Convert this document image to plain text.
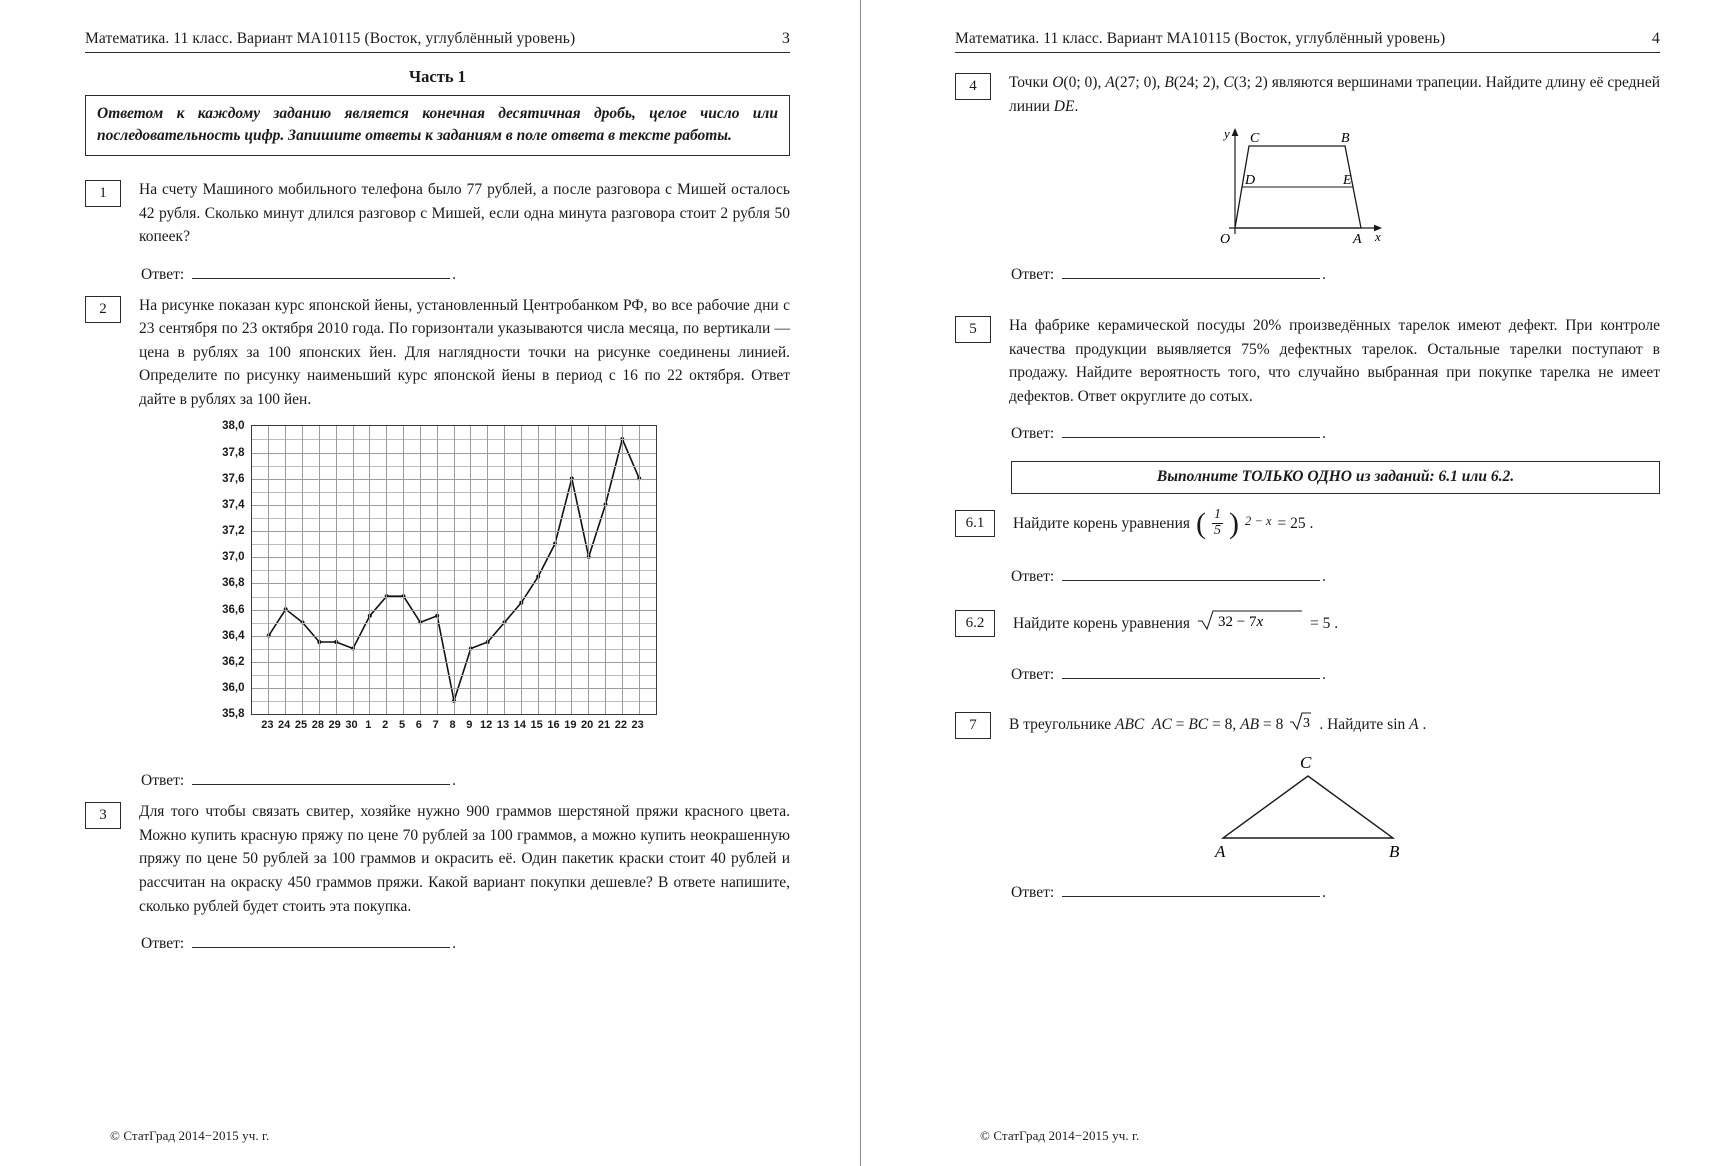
Математика. 11 класс. Вариант МА10115 (Восток, углублённый уровень)	3
Часть 1
Ответом к каждому заданию является конечная десятичная дробь, целое число или последовательность цифр. Запишите ответы к заданиям в поле ответа в тексте работы.
1	На счету Машиного мобильного телефона было 77 рублей, а после разговора с Мишей осталось 42 рубля. Сколько минут длился разговор с Мишей, если одна минута разговора стоит 2 рубля 50 копеек?
Ответ:	.
2	На рисунке показан курс японской йены, установленный Центробанком РФ, во все рабочие дни с 23 сентября по 23 октября 2010 года. По горизонтали указываются числа месяца, по вертикали — цена в рублях за 100 японских йен. Для наглядности точки на рисунке соединены линией. Определите по рисунку наименьший курс японской йены в период с 16 по 22 октября. Ответ дайте в рублях за 100 йен.
38,0
37,8
37,6
37,4
37,2
37,0
36,8
36,6
36,4
36,2
36,0
35,8
23 24 25 28 29 30 1 2 5 6 7 8 9 12 13 14 15 16 19 20 21 22 23
Ответ:	.
3	Для того чтобы связать свитер, хозяйке нужно 900 граммов шерстяной пряжи красного цвета. Можно купить красную пряжу по цене 70 рублей за 100 граммов, а можно купить неокрашенную пряжу по цене 50 рублей за 100 граммов и окрасить её. Один пакетик краски стоит 40 рублей и рассчитан на окраску 450 граммов пряжи. Какой вариант покупки дешевле? В ответе напишите, сколько рублей будет стоить эта покупка.
Ответ:	.
© СтатГрад 2014−2015 уч. г.
Математика. 11 класс. Вариант МА10115 (Восток, углублённый уровень)	4
4	Точки O(0; 0), A(27; 0), B(24; 2), C(3; 2) являются вершинами трапеции. Найдите длину её средней линии DE.
y C	B
D	E
O	A x
Ответ:	.
5	На фабрике керамической посуды 20% произведённых тарелок имеют дефект. При контроле качества продукции выявляется 75% дефектных тарелок. Остальные тарелки поступают в продажу. Найдите вероятность того, что случайно выбранная при покупке тарелка не имеет дефектов. Ответ округлите до сотых.
Ответ:	.
Выполните ТОЛЬКО ОДНО из заданий: 6.1 или 6.2.
6.1	Найдите корень уравнения ( $\frac{1}{5}$ ) 2 − x = 25 .
Ответ:	.
6.2	Найдите корень уравнения 32 − 7x	= 5 .
Ответ:	.
7	В треугольнике ABC AC = BC = 8, AB = 8 3 . Найдите sin A .
C
A	B
Ответ:	.
© СтатГрад 2014−2015 уч. г.
